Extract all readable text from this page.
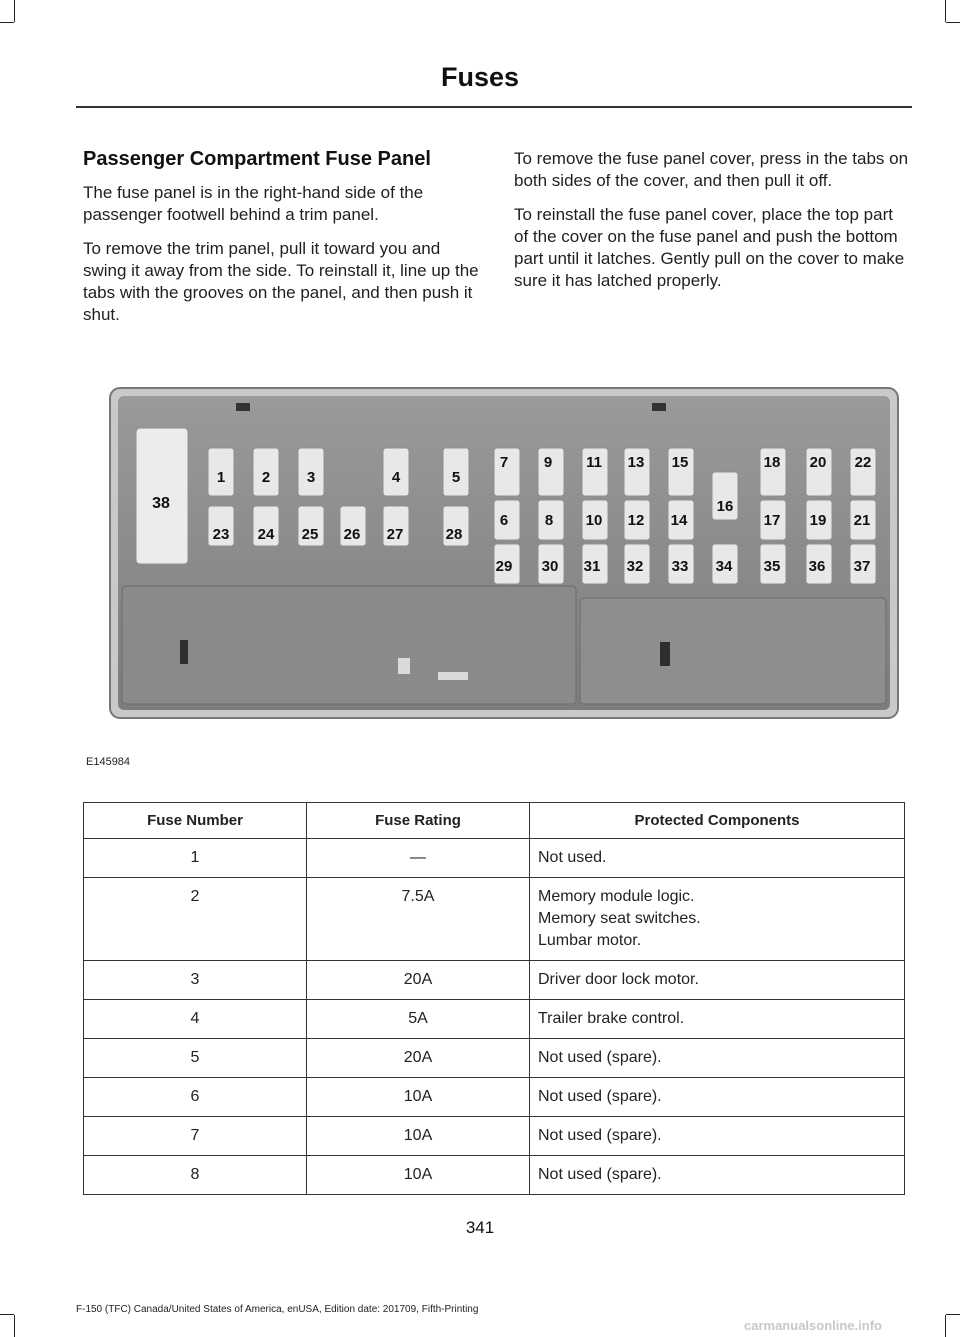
Fuses
Passenger Compartment Fuse Panel

The fuse panel is in the right-hand side of the passenger footwell behind a trim panel.

To remove the trim panel, pull it toward you and swing it away from the side. To reinstall it, line up the tabs with the grooves on the panel, and then push it shut.

To remove the fuse panel cover, press in the tabs on both sides of the cover, and then pull it off.

To reinstall the fuse panel cover, place the top part of the cover on the fuse panel and push the bottom part until it latches. Gently pull on the cover to make sure it has latched properly.

1 2 3	4	5
7
6
9
8
11
10
13
12
15
14
16
18
17
20
19
22
21
23 24 25 26 27	28
29 30 31 32 33 34 35 36 37
38
E145984
Fuse Number	Fuse Rating	Protected Components
1	—	Not used.

2	7.5A	Memory module logic.
Memory seat switches.
Lumbar motor.

3	20A	Driver door lock motor.

4	5A	Trailer brake control.

5	20A	Not used (spare).

6	10A	Not used (spare).

7	10A	Not used (spare).

8	10A	Not used (spare).
341
F-150 (TFC) Canada/United States of America, enUSA, Edition date: 201709, Fifth-Printing
carmanualsonline.info
